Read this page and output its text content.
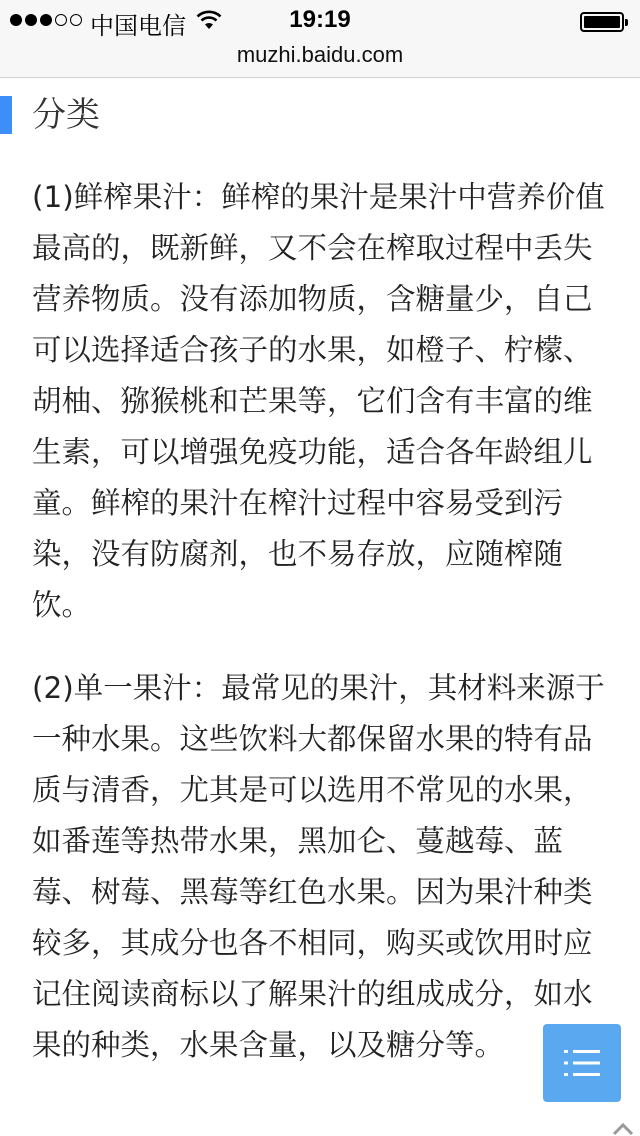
中国电信	19:19
muzhi.baidu.com
分类

(1)鲜榨果汁：鲜榨的果汁是果汁中营养价值最高的，既新鲜，又不会在榨取过程中丢失营养物质。没有添加物质，含糖量少，自己可以选择适合孩子的水果，如橙子、柠檬、胡柚、猕猴桃和芒果等，它们含有丰富的维生素，可以增强免疫功能，适合各年龄组儿童。鲜榨的果汁在榨汁过程中容易受到污染，没有防腐剂，也不易存放，应随榨随饮。

(2)单一果汁：最常见的果汁，其材料来源于一种水果。这些饮料大都保留水果的特有品质与清香，尤其是可以选用不常见的水果，如番莲等热带水果，黑加仑、蔓越莓、蓝莓、树莓、黑莓等红色水果。因为果汁种类较多，其成分也各不相同，购买或饮用时应记住阅读商标以了解果汁的组成成分，如水果的种类，水果含量，以及糖分等。
